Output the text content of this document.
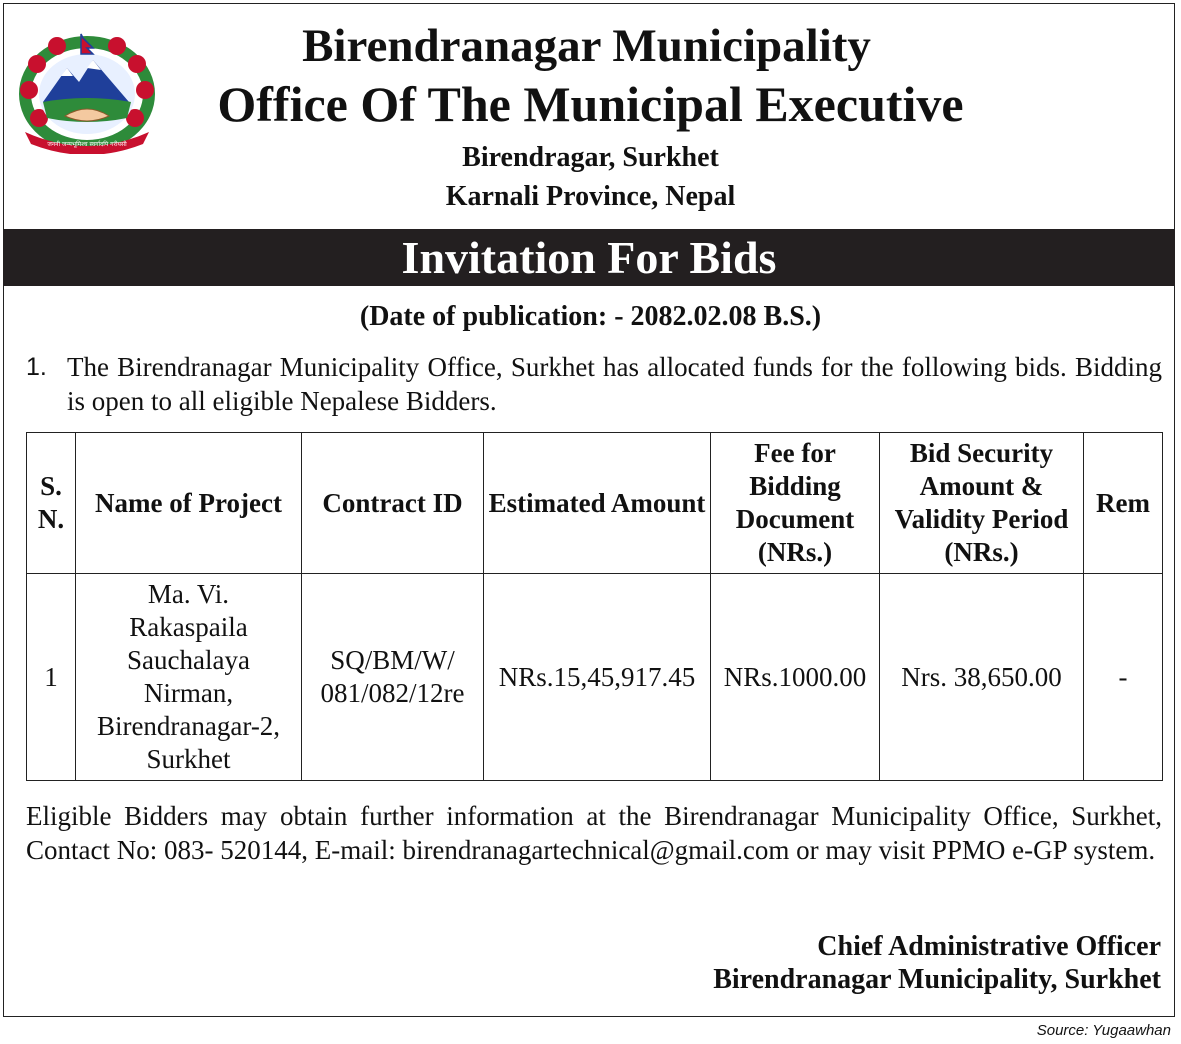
जननी जन्मभूमिश्च स्वर्गादपि गरीयसी
Birendranagar Municipality
Office Of The Municipal Executive
Birendragar, Surkhet
Karnali Province, Nepal
Invitation For Bids
(Date of publication: - 2082.02.08 B.S.)
1. The Birendranagar Municipality Office, Surkhet has allocated funds for the following bids. Bidding is open to all eligible Nepalese Bidders.
S. N.	Name of Project	Contract ID	Estimated Amount	Fee for Bidding Document (NRs.)	Bid Security Amount & Validity Period (NRs.)	Rem
1	Ma. Vi. Rakaspaila Sauchalaya Nirman, Birendranagar-2, Surkhet	SQ/BM/W/ 081/082/12re	NRs.15,45,917.45	NRs.1000.00	Nrs. 38,650.00	-
Eligible Bidders may obtain further information at the Birendranagar Municipality Office, Surkhet, Contact No: 083- 520144, E-mail: birendranagartechnical@gmail.com or may visit PPMO e-GP system.
Chief Administrative Officer
Birendranagar Municipality, Surkhet
Source: Yugaawhan
